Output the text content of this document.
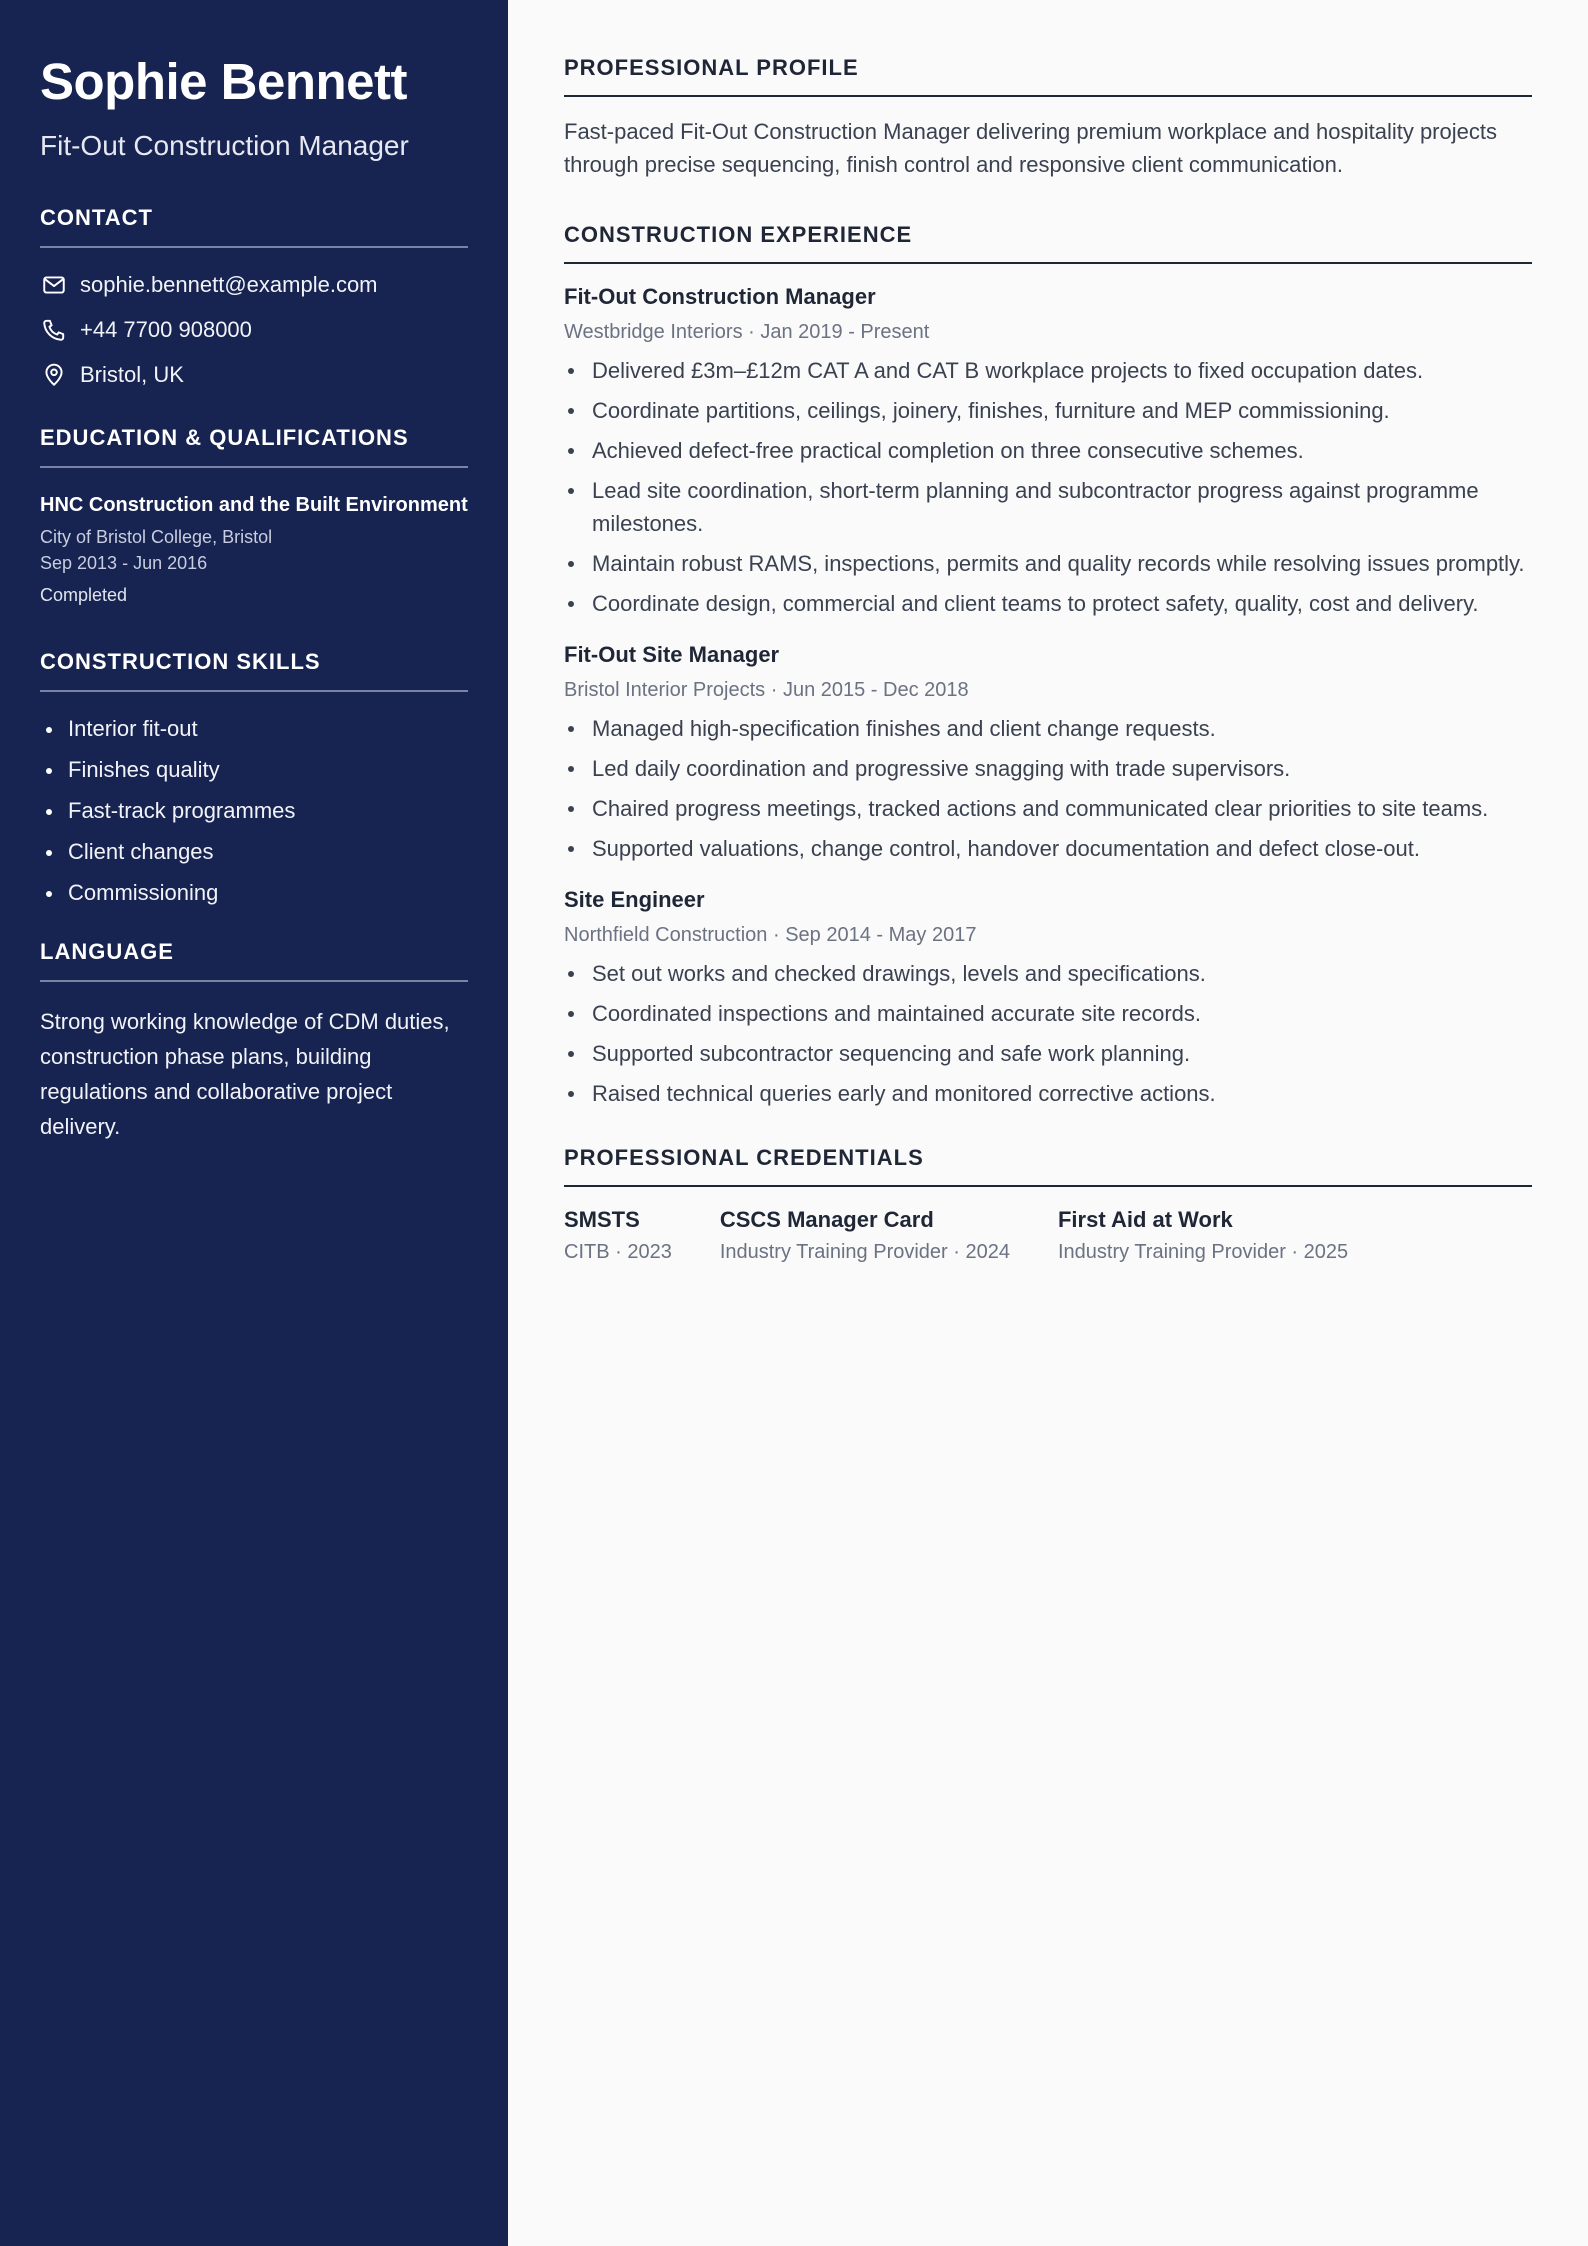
Sophie Bennett
Fit-Out Construction Manager
CONTACT
sophie.bennett@example.com
+44 7700 908000
Bristol, UK
EDUCATION & QUALIFICATIONS
HNC Construction and the Built Environment
City of Bristol College, Bristol
Sep 2013 - Jun 2016
Completed
CONSTRUCTION SKILLS
Interior fit-out
Finishes quality
Fast-track programmes
Client changes
Commissioning
LANGUAGE
Strong working knowledge of CDM duties, construction phase plans, building regulations and collaborative project delivery.
PROFESSIONAL PROFILE
Fast-paced Fit-Out Construction Manager delivering premium workplace and hospitality projects through precise sequencing, finish control and responsive client communication.
CONSTRUCTION EXPERIENCE
Fit-Out Construction Manager
Westbridge Interiors · Jan 2019 - Present
Delivered £3m–£12m CAT A and CAT B workplace projects to fixed occupation dates.
Coordinate partitions, ceilings, joinery, finishes, furniture and MEP commissioning.
Achieved defect-free practical completion on three consecutive schemes.
Lead site coordination, short-term planning and subcontractor progress against programme milestones.
Maintain robust RAMS, inspections, permits and quality records while resolving issues promptly.
Coordinate design, commercial and client teams to protect safety, quality, cost and delivery.
Fit-Out Site Manager
Bristol Interior Projects · Jun 2015 - Dec 2018
Managed high-specification finishes and client change requests.
Led daily coordination and progressive snagging with trade supervisors.
Chaired progress meetings, tracked actions and communicated clear priorities to site teams.
Supported valuations, change control, handover documentation and defect close-out.
Site Engineer
Northfield Construction · Sep 2014 - May 2017
Set out works and checked drawings, levels and specifications.
Coordinated inspections and maintained accurate site records.
Supported subcontractor sequencing and safe work planning.
Raised technical queries early and monitored corrective actions.
PROFESSIONAL CREDENTIALS
SMSTS
CITB · 2023
CSCS Manager Card
Industry Training Provider · 2024
First Aid at Work
Industry Training Provider · 2025
